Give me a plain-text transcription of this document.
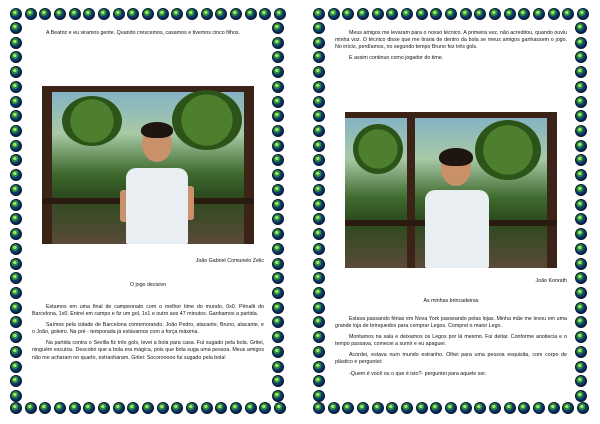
A Beatriz e eu viramos gente. Quando crescemos, casamos e tivemos cinco filhos.

João Gabriel Comunelo Zelic

O jogo decisivo

Estamos em uma final de campeonato com o melhor time do mundo, 0x0. Pênalti do Barcelona, 1x0. Entrei em campo e fiz um gol, 1x1 e outro aos 47 minutos. Ganhamos a partida.

Saímos pela cidade de Barcelona comemorando, João Pedro, atacante, Bruno, atacante, e o João, goleiro. Na pré - temporada já estávamos com a força máxima.

Na partida contra o Sevilla fiz três gols, levei a bola para casa. Fui sugado pela bola. Gritei, ninguém escutou. Descobri que a bola era mágica, pois que bola suga uma pessoa. Meus amigos não me acharam no quarto, estranharam. Gritei: Socorooooo fui sugado pela bola!

Meus amigos me levaram para o nosso técnico. A primeira vez, não acreditou, quando ouviu minha voz. O técnico disse que me tiraria de dentro da bola se meus amigos ganhassem o jogo. No início, perdíamos, no segundo tempo Bruno fez três gols.

E assim continuo como jogador do time.

João Konrath

As minhas brincadeiras

Estava passando férias em Nova York passeando pelas lojas. Minha mãe me levou em uma grande loja de brinquedos para comprar Legos. Comprei o maior Lego.

Montamos na sala e deixamos os Legos por lá mesmo. Fui deitar. Conforme anoitecia e o tempo passava, comecei a sumir e eu apaguei.

Acordei, estava num mundo estranho. Olhei para uma pessoa esquisita, com corpo de plástico e perguntei:

-Quem é você ou o que é isto?- perguntei para aquele ser.
